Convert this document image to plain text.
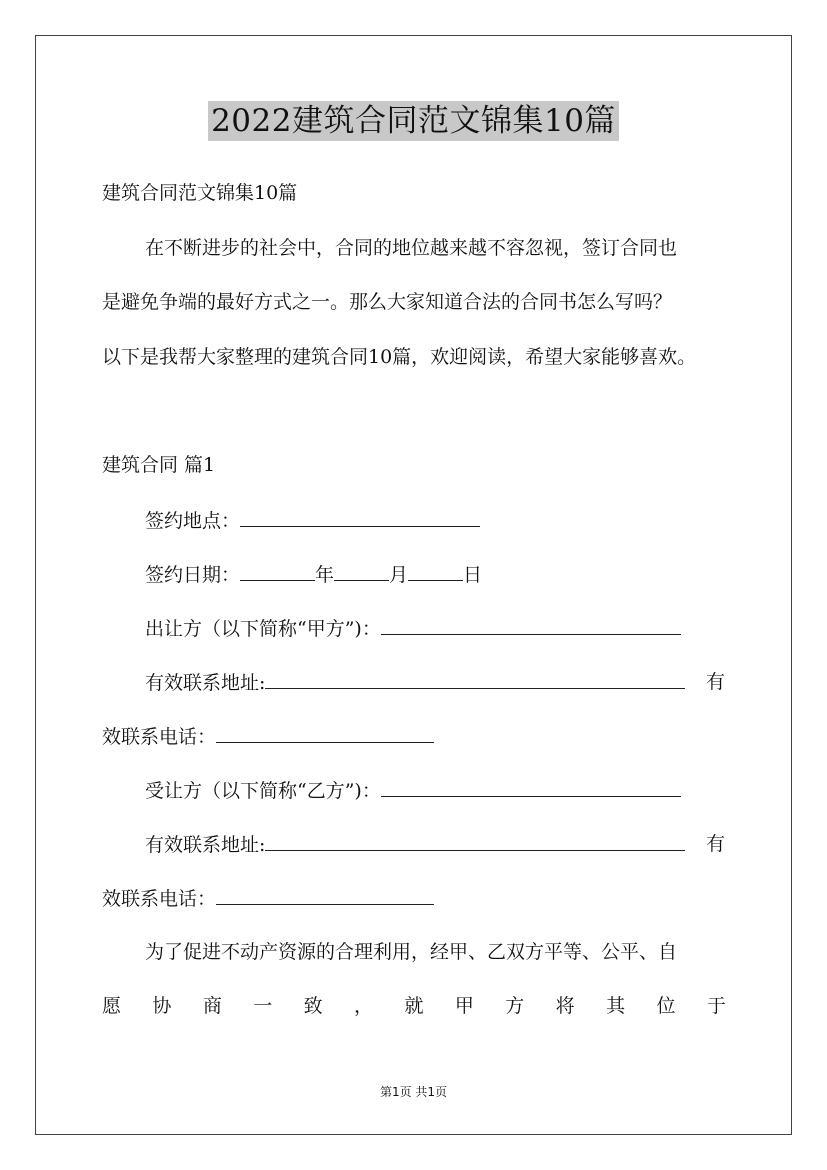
2022建筑合同范文锦集10篇
建筑合同范文锦集10篇
在不断进步的社会中，合同的地位越来越不容忽视，签订合同也
是避免争端的最好方式之一。那么大家知道合法的合同书怎么写吗？
以下是我帮大家整理的建筑合同10篇，欢迎阅读，希望大家能够喜欢。
建筑合同 篇1
签约地点：
签约日期：	年	月	日
出让方（以下简称“甲方”)：
有效联系地址:	有
效联系电话：
受让方（以下简称“乙方”)：
有效联系地址:	有
效联系电话：
为了促进不动产资源的合理利用，经甲、乙双方平等、公平、自
愿 协 商 一 致 ， 就 甲 方 将 其 位 于
第1页 共1页
